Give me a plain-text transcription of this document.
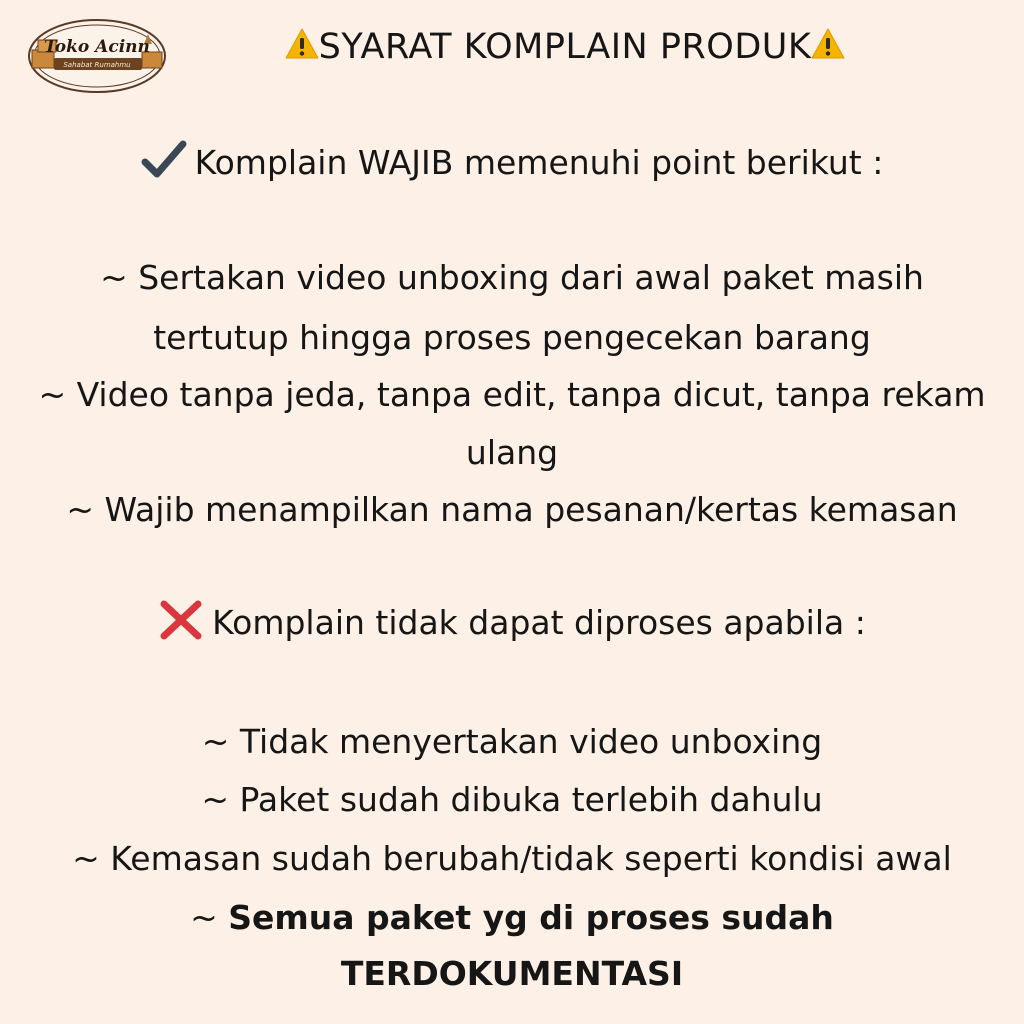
Toko Acinn
Sahabat Rumahmu	SYARAT KOMPLAIN PRODUK
Komplain WAJIB memenuhi point berikut :
~ Sertakan video unboxing dari awal paket masih
tertutup hingga proses pengecekan barang
~ Video tanpa jeda, tanpa edit, tanpa dicut, tanpa rekam
ulang
~ Wajib menampilkan nama pesanan/kertas kemasan
Komplain tidak dapat diproses apabila :
~ Tidak menyertakan video unboxing
~ Paket sudah dibuka terlebih dahulu
~ Kemasan sudah berubah/tidak seperti kondisi awal
~ Semua paket yg di proses sudah
TERDOKUMENTASI
